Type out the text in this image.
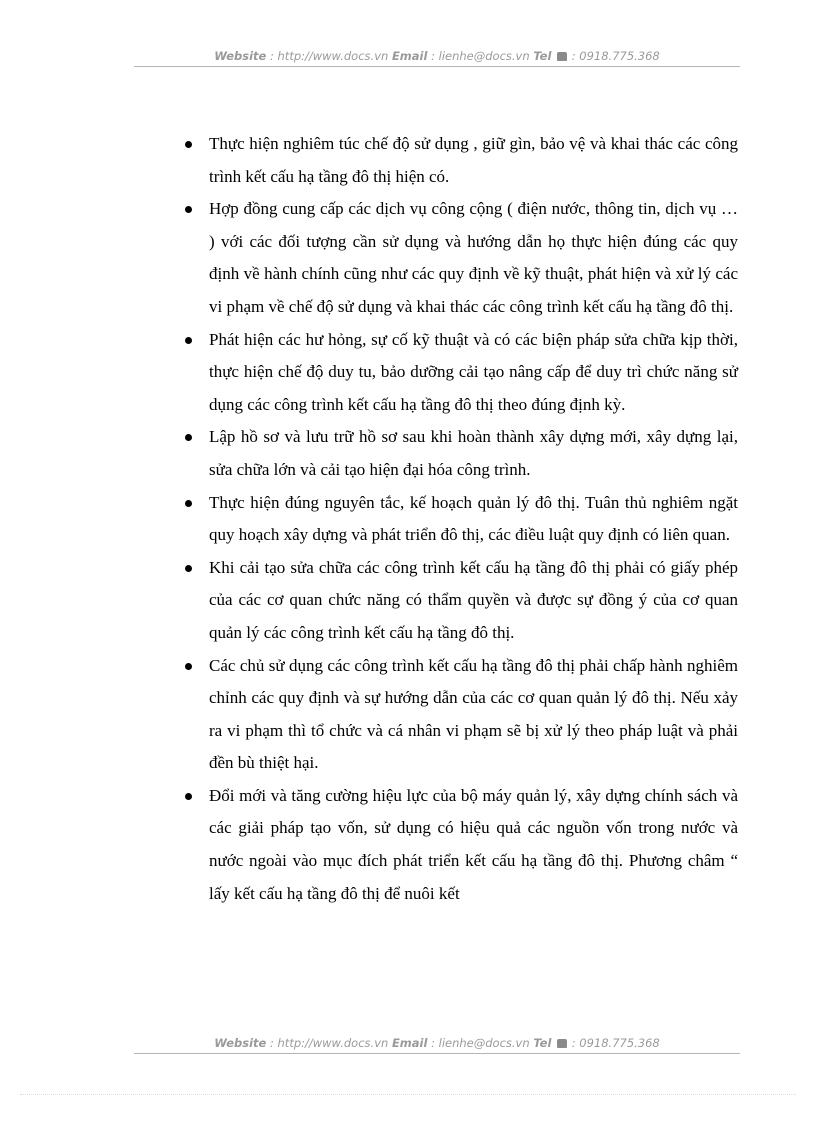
Website : http://www.docs.vn Email : lienhe@docs.vn Tel  : 0918.775.368
Thực hiện nghiêm túc chế độ sử dụng , giữ gìn, bảo vệ và khai thác các công trình kết cấu hạ tầng đô thị hiện có.
Hợp đồng cung cấp các dịch vụ công cộng ( điện nước, thông tin, dịch vụ … ) với các đối tượng cần sử dụng và hướng dẫn họ thực hiện đúng các quy định về hành chính cũng như các quy định về kỹ thuật, phát hiện và xử lý các vi phạm về chế độ sử dụng và khai thác các công trình kết cấu hạ tầng đô thị.
Phát hiện các hư hỏng, sự cố kỹ thuật và có các biện pháp sửa chữa kịp thời, thực hiện chế độ duy tu, bảo dưỡng cải tạo nâng cấp để duy trì chức năng sử dụng các công trình kết cấu hạ tầng đô thị theo đúng định kỳ.
Lập hồ sơ và lưu trữ hồ sơ sau khi hoàn thành xây dựng mới, xây dựng lại, sửa chữa lớn và cải tạo hiện đại hóa công trình.
Thực hiện đúng nguyên tắc, kế hoạch quản lý đô thị. Tuân thủ nghiêm ngặt quy hoạch xây dựng và phát triển đô thị, các điều luật quy định có liên quan.
Khi cải tạo sửa chữa các công trình kết cấu hạ tầng đô thị phải có giấy phép của các cơ quan chức năng có thẩm quyền và được sự đồng ý của cơ quan quản lý các công trình kết cấu hạ tầng đô thị.
Các chủ sử dụng các công trình kết cấu hạ tầng đô thị phải chấp hành nghiêm chỉnh các quy định và sự hướng dẫn của các cơ quan quản lý đô thị. Nếu xảy ra vi phạm thì tổ chức và cá nhân vi phạm sẽ bị xử lý theo pháp luật và phải đền bù thiệt hại.
Đổi mới và tăng cường hiệu lực của bộ máy quản lý, xây dựng chính sách và các giải pháp tạo vốn, sử dụng có hiệu quả các nguồn vốn trong nước và nước ngoài vào mục đích phát triển kết cấu hạ tầng đô thị. Phương châm “ lấy kết cấu hạ tầng đô thị để nuôi kết
Website : http://www.docs.vn Email : lienhe@docs.vn Tel  : 0918.775.368
